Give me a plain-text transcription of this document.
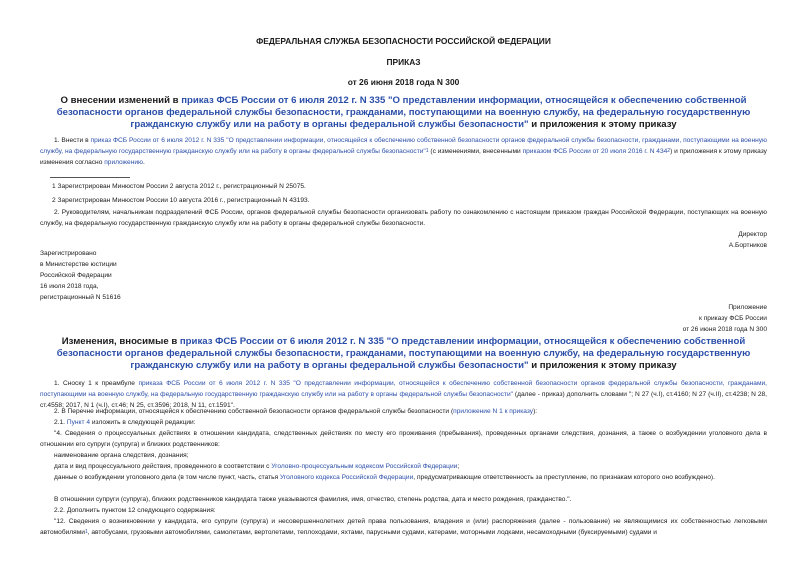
ФЕДЕРАЛЬНАЯ СЛУЖБА БЕЗОПАСНОСТИ РОССИЙСКОЙ ФЕДЕРАЦИИ
ПРИКАЗ
от 26 июня 2018 года N 300
О внесении изменений в приказ ФСБ России от 6 июля 2012 г. N 335 "О представлении информации, относящейся к обеспечению собственной безопасности органов федеральной службы безопасности, гражданами, поступающими на военную службу, на федеральную государственную гражданскую службу или на работу в органы федеральной службы безопасности" и приложения к этому приказу
1. Внести в приказ ФСБ России от 6 июля 2012 г. N 335 "О представлении информации, относящейся к обеспечению собственной безопасности органов федеральной службы безопасности, гражданами, поступающими на военную службу, на федеральную государственную гражданскую службу или на работу в органы федеральной службы безопасности"$^1$ (с изменениями, внесенными приказом ФСБ России от 20 июля 2016 г. N $434^2$) и приложения к этому приказу изменения согласно приложению.
1 Зарегистрирован Минюстом России 2 августа 2012 г., регистрационный N 25075.
2 Зарегистрирован Минюстом России 10 августа 2016 г., регистрационный N 43193.
2. Руководителям, начальникам подразделений ФСБ России, органов федеральной службы безопасности организовать работу по ознакомлению с настоящим приказом граждан Российской Федерации, поступающих на военную службу, на федеральную государственную гражданскую службу или на работу в органы федеральной службы безопасности.
Директор
А.Бортников
Зарегистрировано
в Министерстве юстиции
Российской Федерации
16 июля 2018 года,
регистрационный N 51616
Приложение
к приказу ФСБ России
от 26 июня 2018 года N 300
Изменения, вносимые в приказ ФСБ России от 6 июля 2012 г. N 335 "О представлении информации, относящейся к обеспечению собственной безопасности органов федеральной службы безопасности, гражданами, поступающими на военную службу, на федеральную государственную гражданскую службу или на работу в органы федеральной службы безопасности" и приложения к этому приказу
1. Сноску 1 к преамбуле приказа ФСБ России от 6 июля 2012 г. N 335 "О представлении информации, относящейся к обеспечению собственной безопасности органов федеральной службы безопасности, гражданами, поступающими на военную службу, на федеральную государственную гражданскую службу или на работу в органы федеральной службы безопасности" (далее - приказ) дополнить словами "; N 27 (ч.I), ст.4160; N 27 (ч.II), ст.4238; N 28, ст.4558; 2017, N 1 (ч.I), ст.46; N 25, ст.3596; 2018, N 11, ст.1591".
2. В Перечне информации, относящейся к обеспечению собственной безопасности органов федеральной службы безопасности (приложение N 1 к приказу):
2.1. Пункт 4 изложить в следующей редакции:
"4. Сведения о процессуальных действиях в отношении кандидата, следственных действиях по месту его проживания (пребывания), проведенных органами следствия, дознания, а также о возбуждении уголовного дела в отношении его супруги (супруга) и близких родственников:
наименование органа следствия, дознания;
дата и вид процессуального действия, проведенного в соответствии с Уголовно-процессуальным кодексом Российской Федерации;
данные о возбуждении уголовного дела (в том числе пункт, часть, статья Уголовного кодекса Российской Федерации, предусматривающие ответственность за преступление, по признакам которого оно возбуждено).
В отношении супруги (супруга), близких родственников кандидата также указываются фамилия, имя, отчество, степень родства, дата и место рождения, гражданство.".
2.2. Дополнить пунктом 12 следующего содержания:
"12. Сведения о возникновении у кандидата, его супруги (супруга) и несовершеннолетних детей права пользования, владения и (или) распоряжения (далее - пользование) не являющимися их собственностью легковыми автомобилями$^1$, автобусами, грузовыми автомобилями, самолетами, вертолетами, теплоходами, яхтами, парусными судами, катерами, моторными лодками, несамоходными (буксируемыми) судами и
